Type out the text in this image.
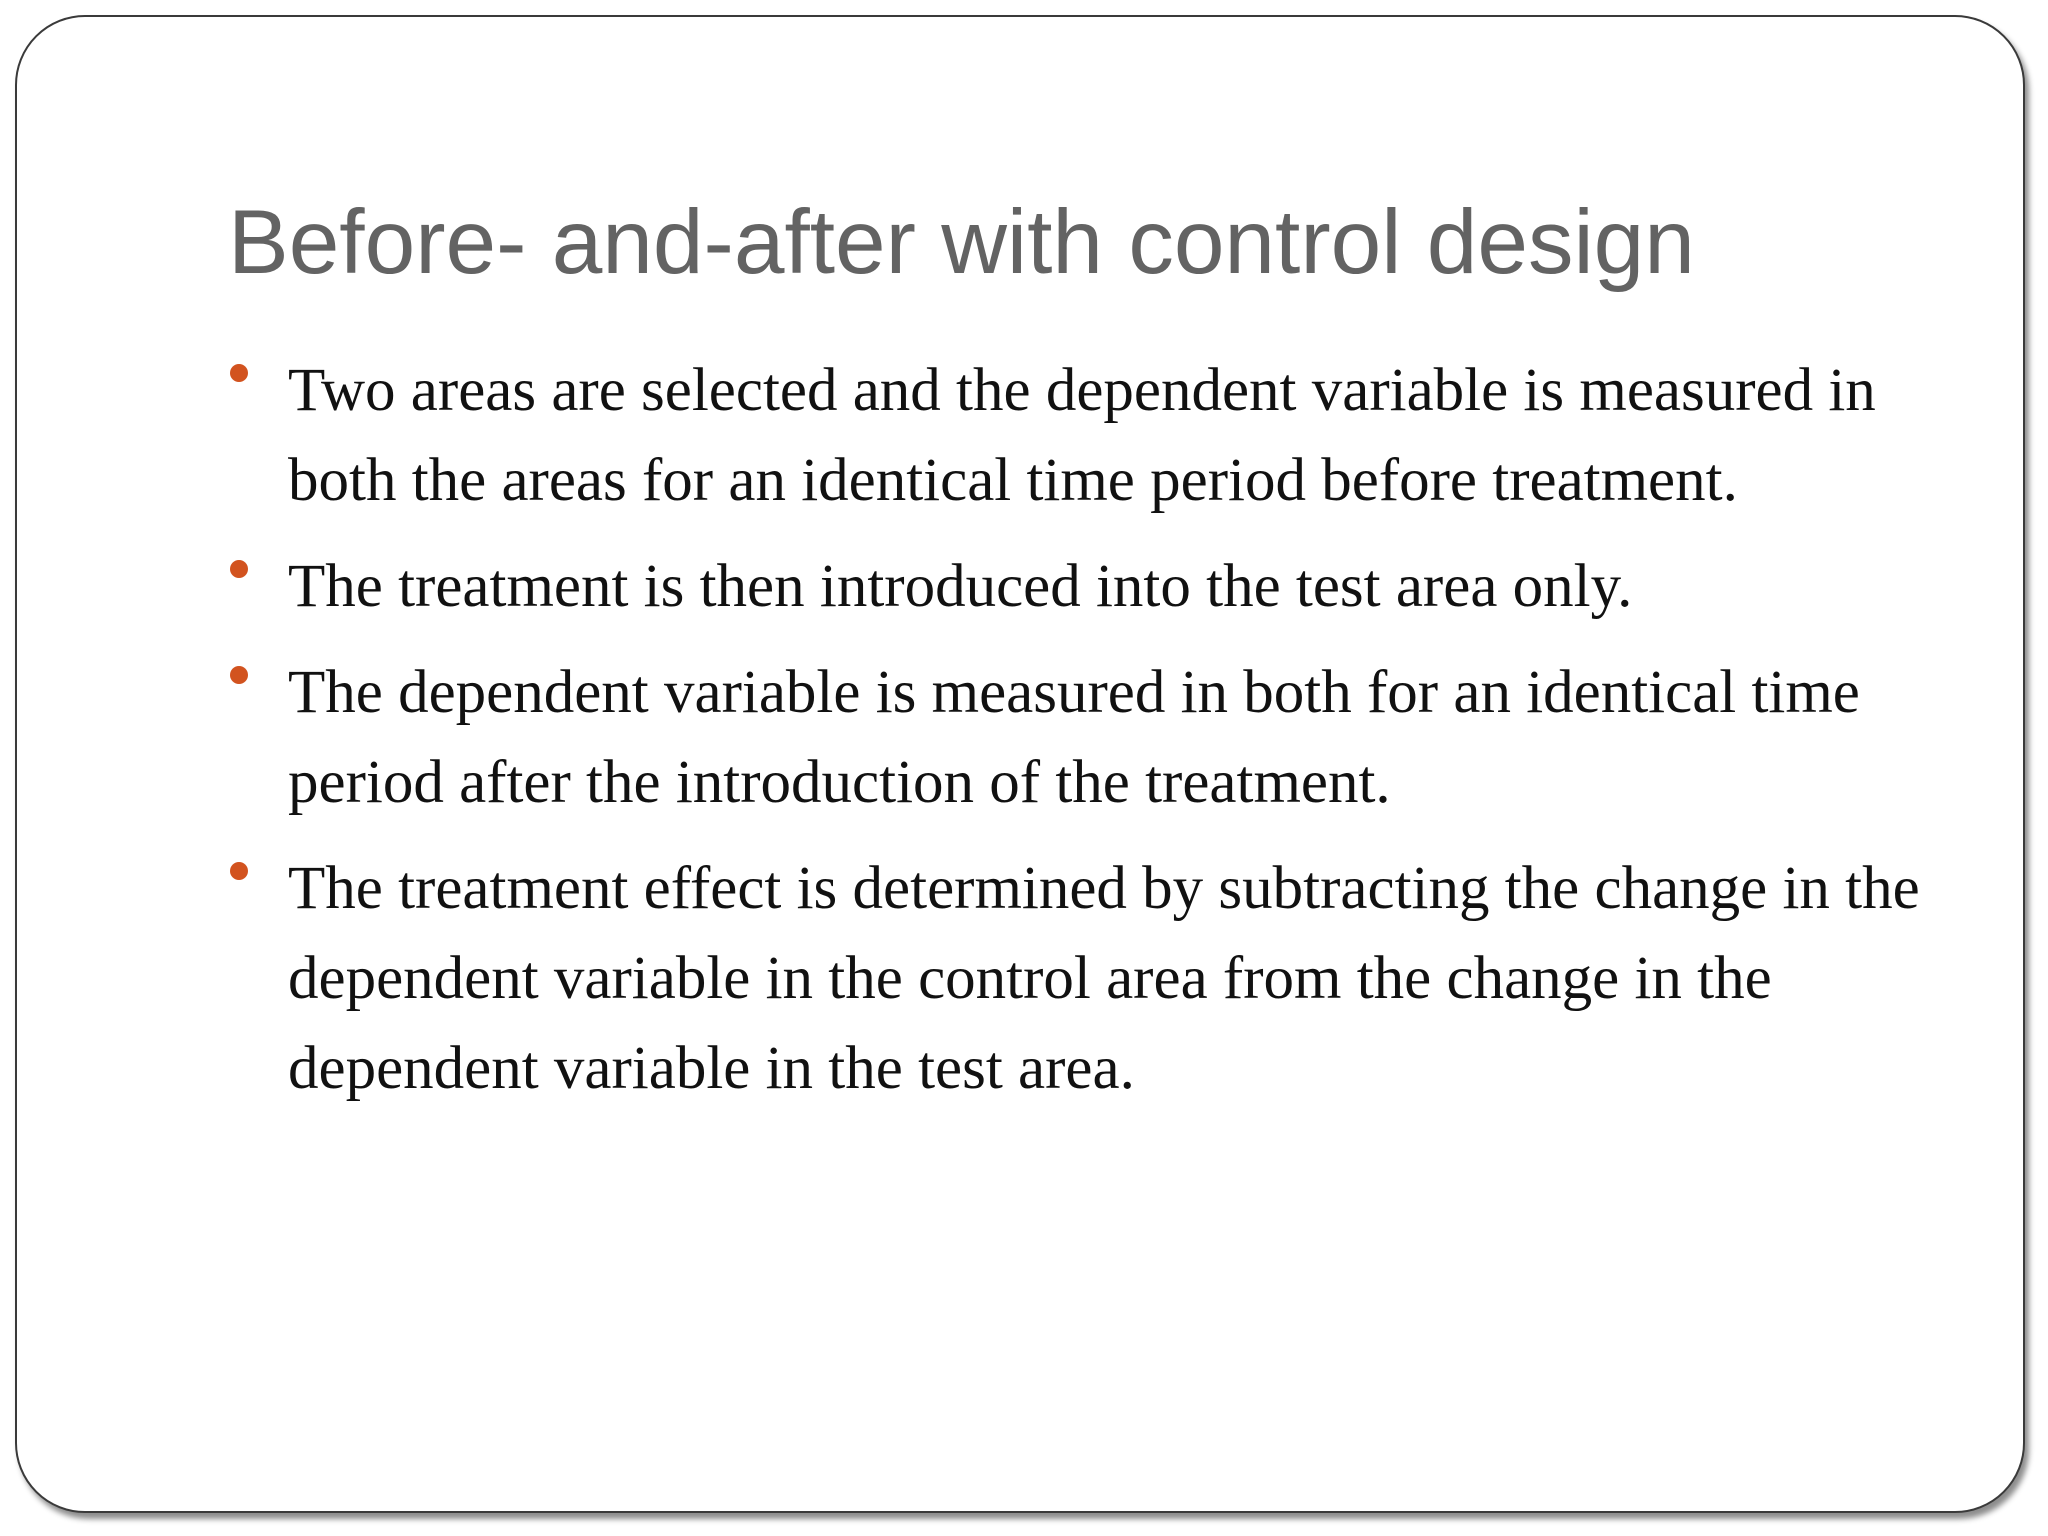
Before- and-after with control design
Two areas are selected and the dependent variable is measured in both the areas for an identical time period before treatment.
The treatment is then introduced into the test area only.
The dependent variable is measured in both for an identical time period after the introduction of the treatment.
The treatment effect is determined by subtracting the change in the dependent variable in the control area from the change in the dependent variable in the test area.
